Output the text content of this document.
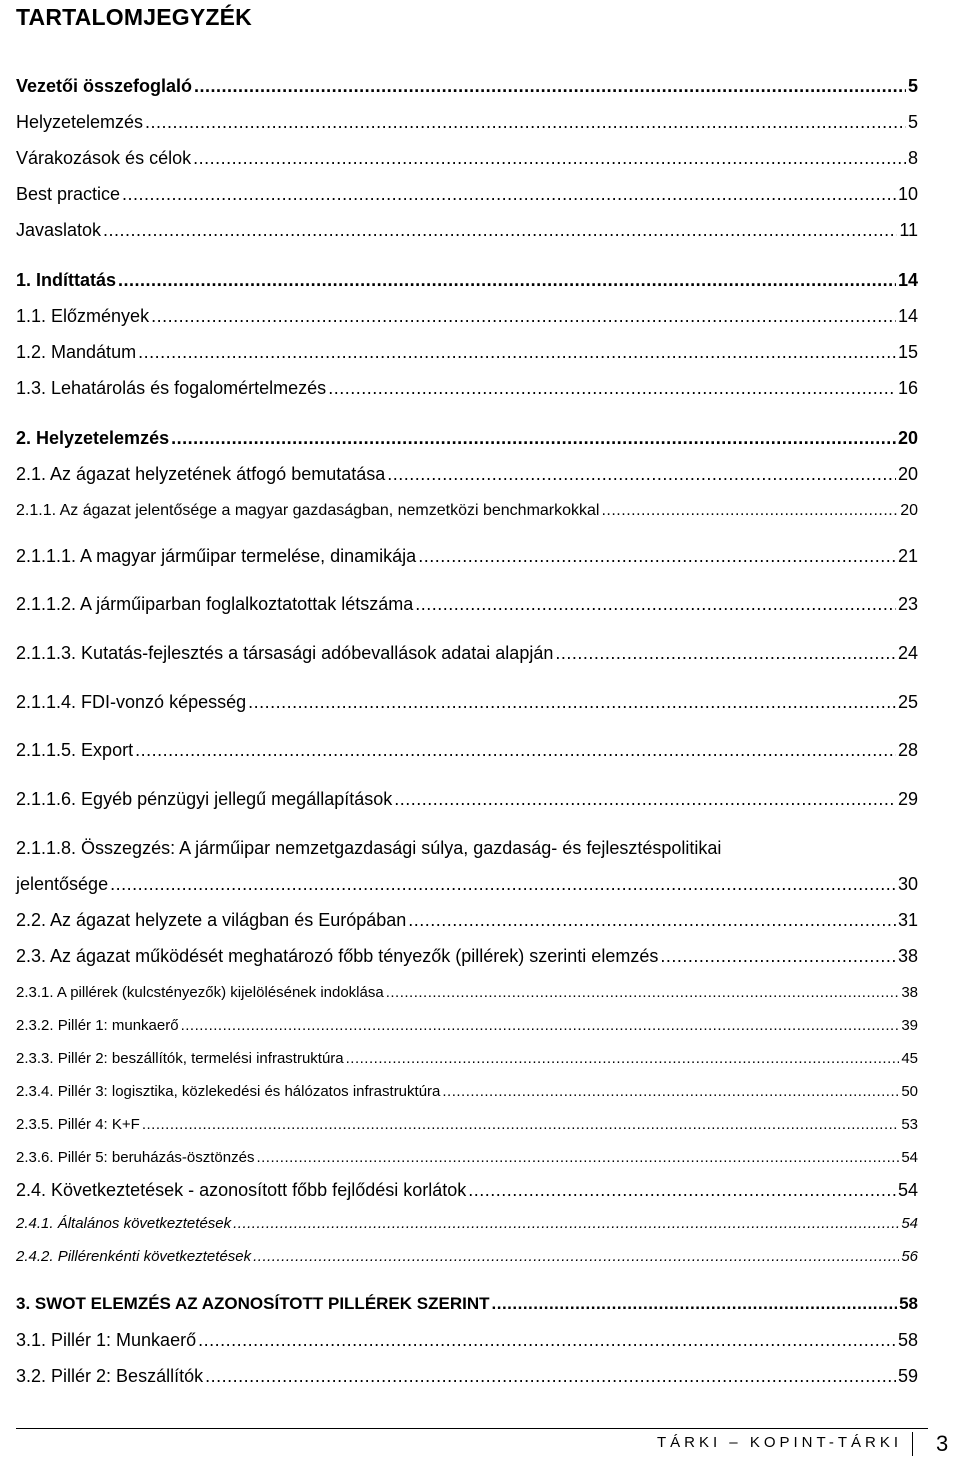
TARTALOMJEGYZÉK
Vezetői összefoglaló .....	5
Helyzetelemzés .....	5
Várakozások és célok .....	8
Best practice .....	10
Javaslatok .....	11
1. Indíttatás .....	14
1.1. Előzmények .....	14
1.2. Mandátum .....	15
1.3. Lehatárolás és fogalomértelmezés .....	16
2. Helyzetelemzés .....	20
2.1. Az ágazat helyzetének átfogó bemutatása .....	20
2.1.1. Az ágazat jelentősége a magyar gazdaságban, nemzetközi benchmarkokkal .....	20
2.1.1.1. A magyar járműipar termelése, dinamikája .....	21
2.1.1.2. A járműiparban foglalkoztatottak létszáma .....	23
2.1.1.3. Kutatás-fejlesztés a társasági adóbevallások adatai alapján .....	24
2.1.1.4. FDI-vonzó képesség .....	25
2.1.1.5. Export .....	28
2.1.1.6. Egyéb pénzügyi jellegű megállapítások .....	29
2.1.1.8. Összegzés: A járműipar nemzetgazdasági súlya, gazdaság- és fejlesztéspolitikai
jelentősége .....	30
2.2. Az ágazat helyzete a világban és Európában .....	31
2.3. Az ágazat működését meghatározó főbb tényezők (pillérek) szerinti elemzés .....	38
2.3.1. A pillérek (kulcstényezők) kijelölésének indoklása .....	38
2.3.2. Pillér 1: munkaerő .....	39
2.3.3. Pillér 2: beszállítók, termelési infrastruktúra .....	45
2.3.4. Pillér 3: logisztika, közlekedési és hálózatos infrastruktúra .....	50
2.3.5. Pillér 4: K+F .....	53
2.3.6. Pillér 5: beruházás-ösztönzés .....	54
2.4. Következtetések - azonosított főbb fejlődési korlátok .....	54
2.4.1. Általános következtetések .....	54
2.4.2. Pillérenkénti következtetések .....	56
3. SWOT ELEMZÉS AZ AZONOSÍTOTT PILLÉREK SZERINT .....	58
3.1. Pillér 1: Munkaerő .....	58
3.2. Pillér 2: Beszállítók .....	59
TÁRKI – KOPINT-TÁRKI 3
